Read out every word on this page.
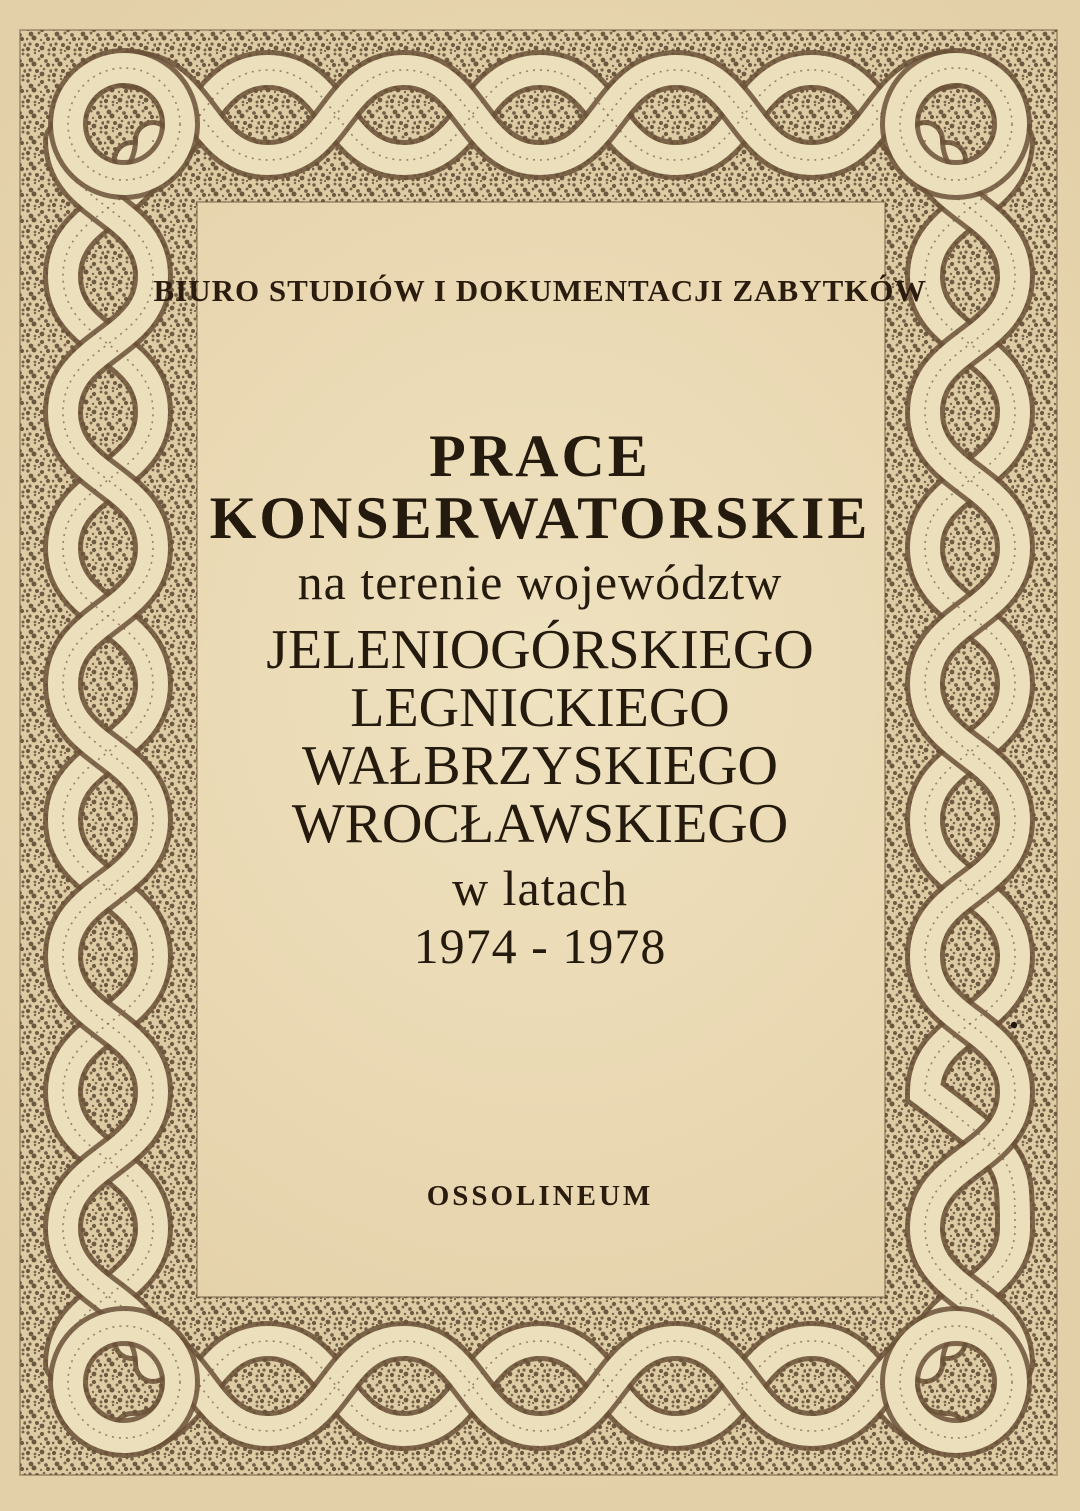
BIURO STUDIÓW I DOKUMENTACJI ZABYTKÓW
PRACE
KONSERWATORSKIE
na terenie województw
JELENIOGÓRSKIEGO
LEGNICKIEGO
WAŁBRZYSKIEGO
WROCŁAWSKIEGO
w latach
1974 - 1978
OSSOLINEUM
